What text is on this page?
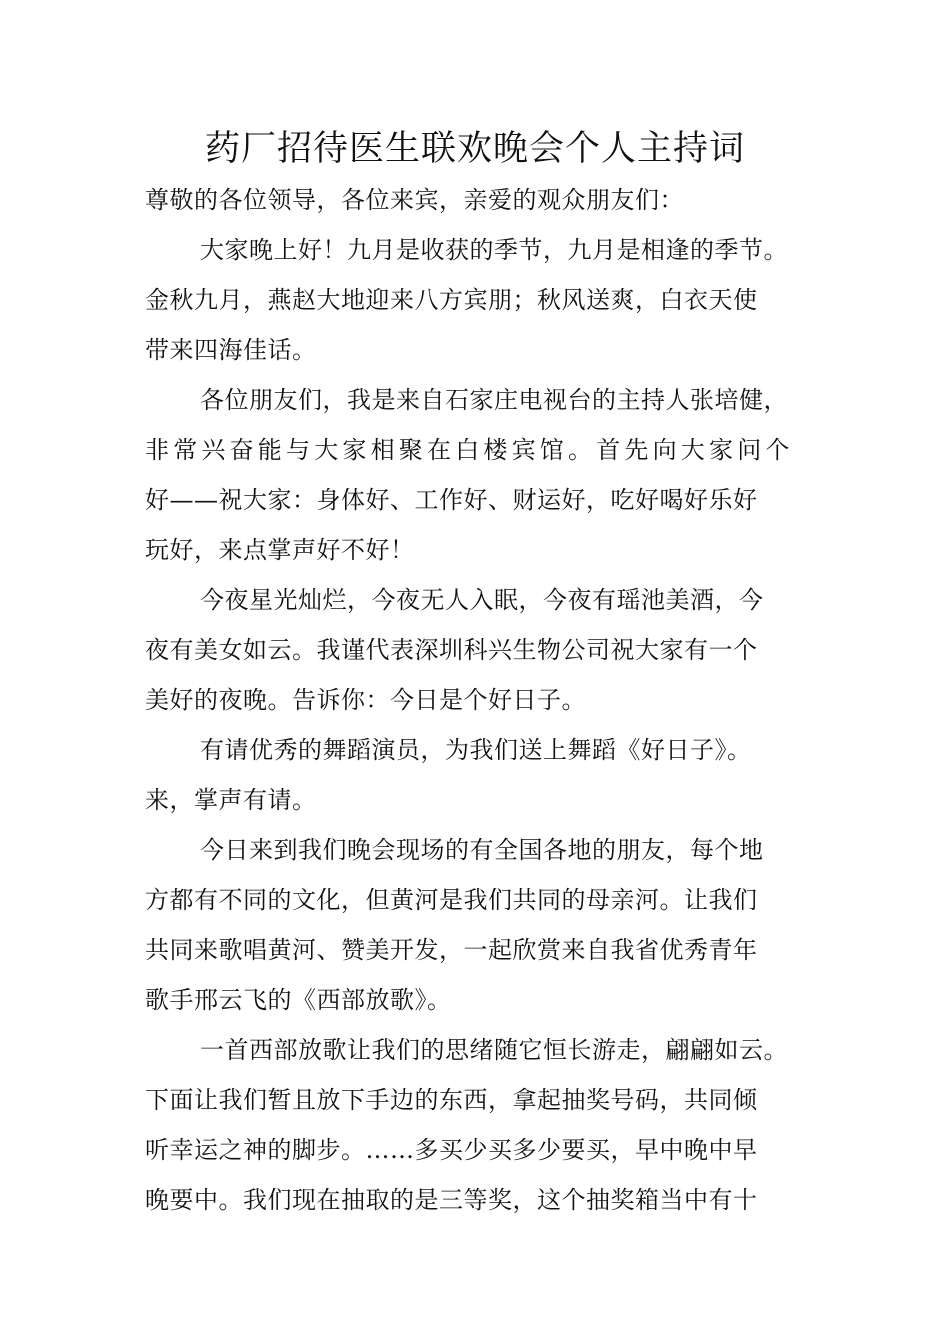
药厂招待医生联欢晚会个人主持词
尊敬的各位领导，各位来宾，亲爱的观众朋友们：
大家晚上好！九月是收获的季节，九月是相逢的季节。
金秋九月，燕赵大地迎来八方宾朋；秋风送爽，白衣天使
带来四海佳话。
各位朋友们，我是来自石家庄电视台的主持人张培健，
非常兴奋能与大家相聚在白楼宾馆。首先向大家问个
好——祝大家：身体好、工作好、财运好，吃好喝好乐好
玩好，来点掌声好不好！
今夜星光灿烂，今夜无人入眠，今夜有瑶池美酒，今
夜有美女如云。我谨代表深圳科兴生物公司祝大家有一个
美好的夜晚。告诉你：今日是个好日子。
有请优秀的舞蹈演员，为我们送上舞蹈《好日子》。
来，掌声有请。
今日来到我们晚会现场的有全国各地的朋友，每个地
方都有不同的文化，但黄河是我们共同的母亲河。让我们
共同来歌唱黄河、赞美开发，一起欣赏来自我省优秀青年
歌手邢云飞的《西部放歌》。
一首西部放歌让我们的思绪随它恒长游走，翩翩如云。
下面让我们暂且放下手边的东西，拿起抽奖号码，共同倾
听幸运之神的脚步。……多买少买多少要买，早中晚中早
晚要中。我们现在抽取的是三等奖，这个抽奖箱当中有十
